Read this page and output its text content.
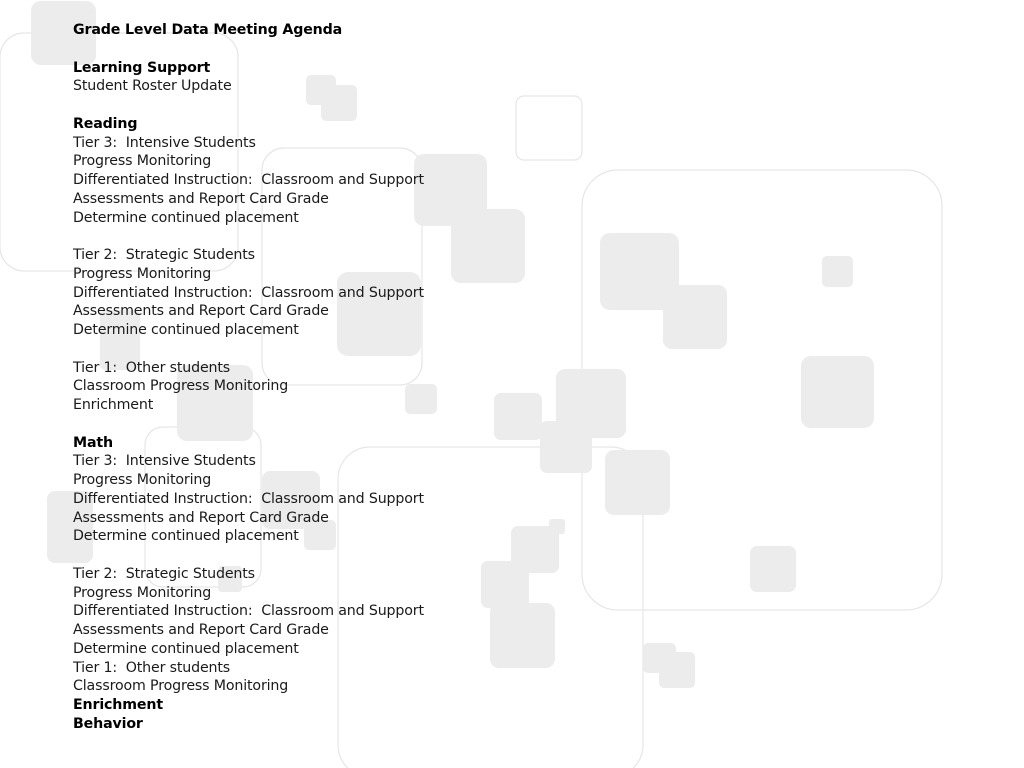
Grade Level Data Meeting Agenda
Learning Support
Student Roster Update
Reading
Tier 3:  Intensive Students
Progress Monitoring
Differentiated Instruction:  Classroom and Support
Assessments and Report Card Grade
Determine continued placement
Tier 2:  Strategic Students
Progress Monitoring
Differentiated Instruction:  Classroom and Support
Assessments and Report Card Grade
Determine continued placement
Tier 1:  Other students
Classroom Progress Monitoring
Enrichment
Math
Tier 3:  Intensive Students
Progress Monitoring
Differentiated Instruction:  Classroom and Support
Assessments and Report Card Grade
Determine continued placement
Tier 2:  Strategic Students
Progress Monitoring
Differentiated Instruction:  Classroom and Support
Assessments and Report Card Grade
Determine continued placement
Tier 1:  Other students
Classroom Progress Monitoring
Enrichment
Behavior
